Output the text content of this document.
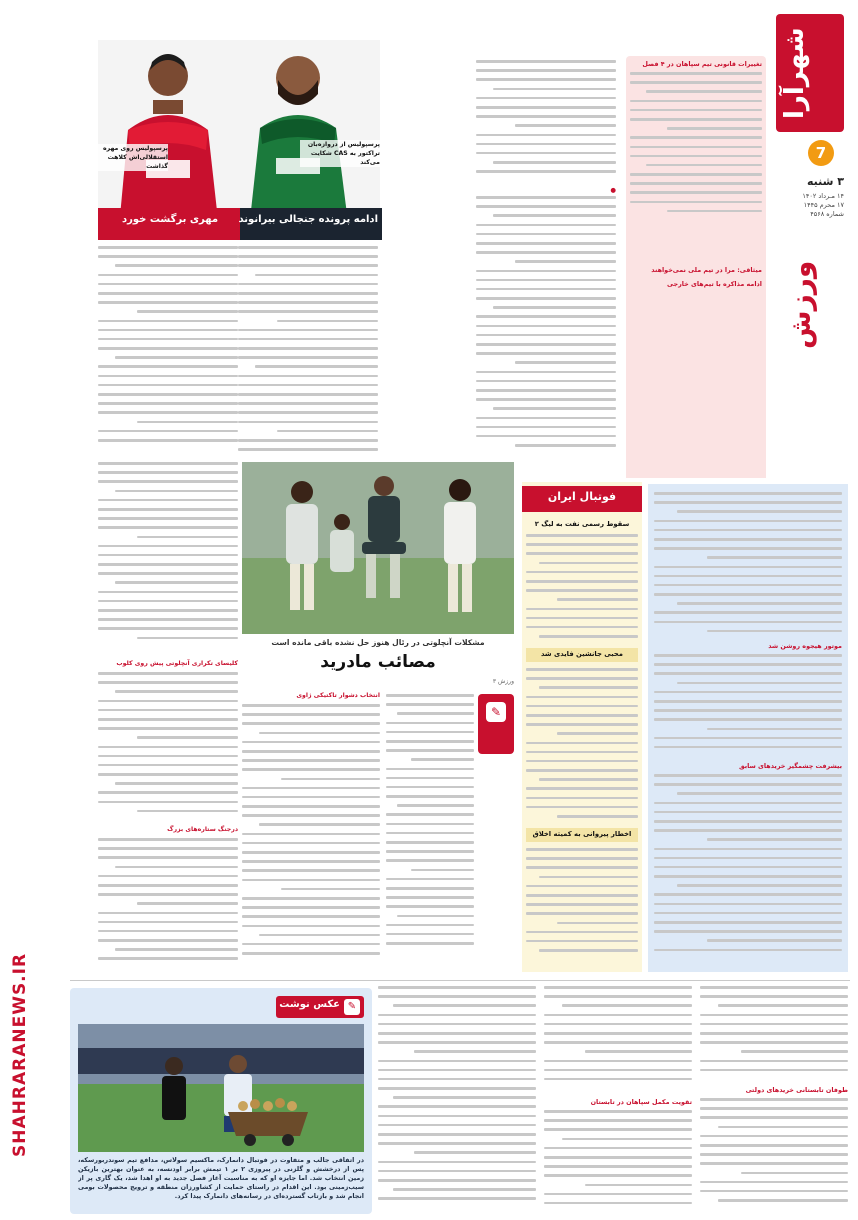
شهرآرا
7
۳ شنبه
۱۴ مـرداد ۱۴۰۲
۱۷ محرم ۱۴۴۵
شماره ۴۵۶۸
ورزش
SHAHRARANEWS.IR
تغییرات قانونی تیم سپاهان در ۴ فصل
میثاقی: مرا در تیم ملی نمی‌خواهند
ادامه مذاکره با تیم‌های خارجی
●
پرسپولیس روی مهره استقلالی‌اش کلاهت گذاشت
پرسپولیس از دروازه‌بان تراکتور به CAS شکایت می‌کند
ادامه پرونده جنجالی بیرانوند
مهری برگشت خورد
مشکلات آنچلوتی در رئال هنوز حل نشده باقی مانده است
مصائب مادرید
ورزش ۳
کلیسای تکراری آنچلوتی پیش روی کلوب
درجنگ ستاره‌های بزرگ
انتخاب دشوار تاکتیکی ژاوی
✎
فوتبال ایران
سقوط رسمی نفت به لیگ ۲
محبی جانشین فایدی شد
اخطار پیروانی به کمیته اخلاق
موتور هیجوه روشن شد
بیشرفت چشمگیر خریدهای سابق
طوفان تابستانی خریدهای دولتی
تقویت مکمل سپاهان در تابستان
✎
عکس نوشت
در اتفاقی جالب و متفاوت در فوتبال دانمارک، ماکسیم سولاس، مدافع تیم سوندربورسکه، پس از درخشش و گلزنی در پیروزی ۲ بر ۱ تیمش برابر اودنسه، به عنوان بهترین بازیکن زمین انتخاب شد. اما جایزه او که به مناسبت آغاز فصل جدید به او اهدا شد، یک گاری پر از سیب‌زمینی بود. این اقدام در راستای حمایت از کشاورزان منطقه و ترویج محصولات بومی انجام شد و بازتاب گسترده‌ای در رسانه‌های دانمارک پیدا کرد.
